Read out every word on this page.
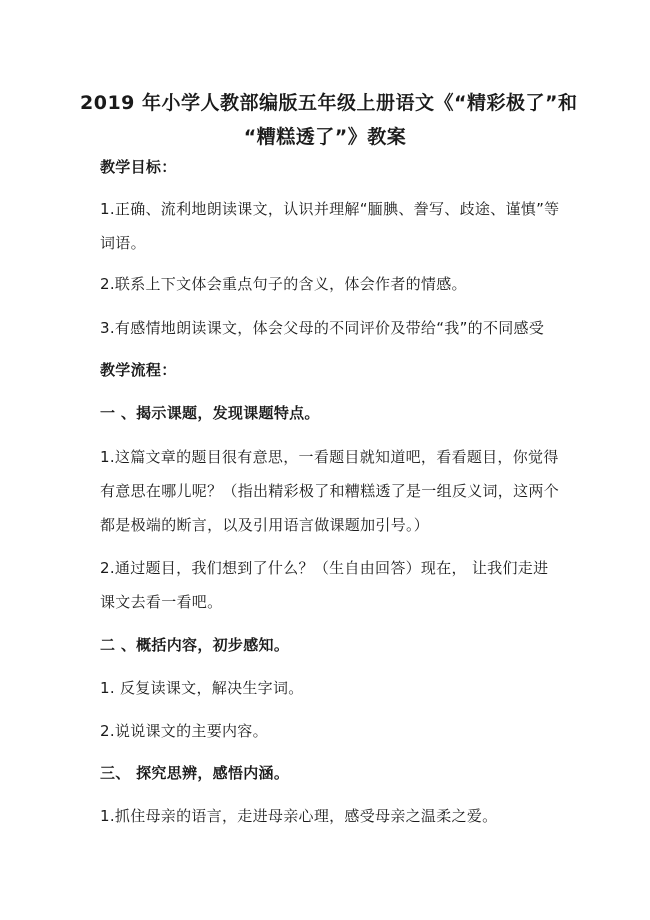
2019 年小学人教部编版五年级上册语文《“精彩极了”和
“糟糕透了”》教案
教学目标：
1.正确、流利地朗读课文，认识并理解“腼腆、誊写、歧途、谨慎”等
词语。
2.联系上下文体会重点句子的含义，体会作者的情感。
3.有感情地朗读课文，体会父母的不同评价及带给“我”的不同感受
教学流程：
一 、揭示课题，发现课题特点。
1.这篇文章的题目很有意思，一看题目就知道吧，看看题目，你觉得
有意思在哪儿呢？（指出精彩极了和糟糕透了是一组反义词，这两个
都是极端的断言，以及引用语言做课题加引号。）
2.通过题目，我们想到了什么？（生自由回答）现在， 让我们走进
课文去看一看吧。
二 、概括内容，初步感知。
1. 反复读课文，解决生字词。
2.说说课文的主要内容。
三、 探究思辨，感悟内涵。
1.抓住母亲的语言，走进母亲心理，感受母亲之温柔之爱。
